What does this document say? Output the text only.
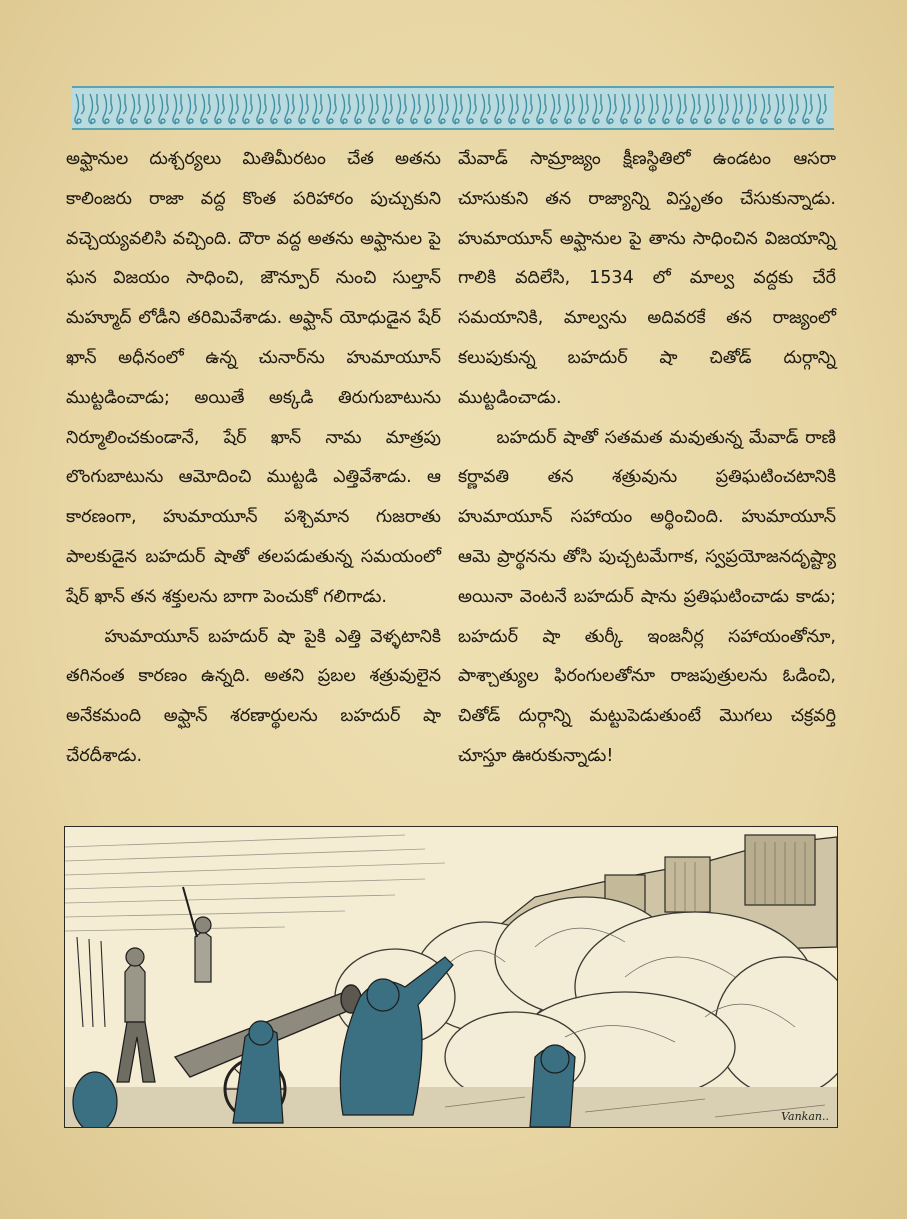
అఫ్ఘానుల దుశ్చర్యలు మితిమీరటం చేత అతను కాలింజరు రాజా వద్ద కొంత పరిహారం పుచ్చుకుని వచ్చెయ్యవలిసి వచ్చింది. దౌరా వద్ద అతను అఫ్ఘానుల పై ఘన విజయం సాధించి, జౌన్పూర్ నుంచి సుల్తాన్ మహ్మూద్ లోడీని తరిమివేశాడు. అఫ్ఘాన్ యోధుడైన షేర్ ఖాన్ అధీనంలో ఉన్న చునార్‌ను హుమాయూన్ ముట్టడించాడు; అయితే అక్కడి తిరుగుబాటును నిర్మూలించకుండానే, షేర్ ఖాన్ నామ మాత్రపు లొంగుబాటును ఆమోదించి ముట్టడి ఎత్తివేశాడు. ఆ కారణంగా, హుమాయూన్ పశ్చిమాన గుజరాతు పాలకుడైన బహదుర్ షాతో తలపడుతున్న సమయంలో షేర్ ఖాన్ తన శక్తులను బాగా పెంచుకో గలిగాడు.

హుమాయూన్ బహదుర్ షా పైకి ఎత్తి వెళ్ళటానికి తగినంత కారణం ఉన్నది. అతని ప్రబల శత్రువులైన అనేకమంది అఫ్ఘాన్ శరణార్థులను బహదుర్ షా చేరదీశాడు.

మేవాడ్ సామ్రాజ్యం క్షీణస్థితిలో ఉండటం ఆసరా చూసుకుని తన రాజ్యాన్ని విస్తృతం చేసుకున్నాడు. హుమాయూన్ అఫ్ఘానుల పై తాను సాధించిన విజయాన్ని గాలికి వదిలేసి, 1534 లో మాల్వ వద్దకు చేరే సమయానికి, మాల్వను అదివరకే తన రాజ్యంలో కలుపుకున్న బహదుర్ షా చితోడ్ దుర్గాన్ని ముట్టడించాడు.

బహదుర్ షాతో సతమత మవుతున్న మేవాడ్ రాణి కర్ణావతి తన శత్రువును ప్రతిఘటించటానికి హుమాయూన్ సహాయం అర్థించింది. హుమాయూన్ ఆమె ప్రార్థనను తోసి పుచ్చటమేగాక, స్వప్రయోజనదృష్ట్యా అయినా వెంటనే బహదుర్ షాను ప్రతిఘటించాడు కాడు; బహదుర్ షా తుర్కీ ఇంజనీర్ల సహాయంతోనూ, పాశ్చాత్యుల ఫిరంగులతోనూ రాజపుత్రులను ఓడించి, చితోడ్ దుర్గాన్ని మట్టుపెడుతుంటే మొగలు చక్రవర్తి చూస్తూ ఊరుకున్నాడు!

Vankan..
